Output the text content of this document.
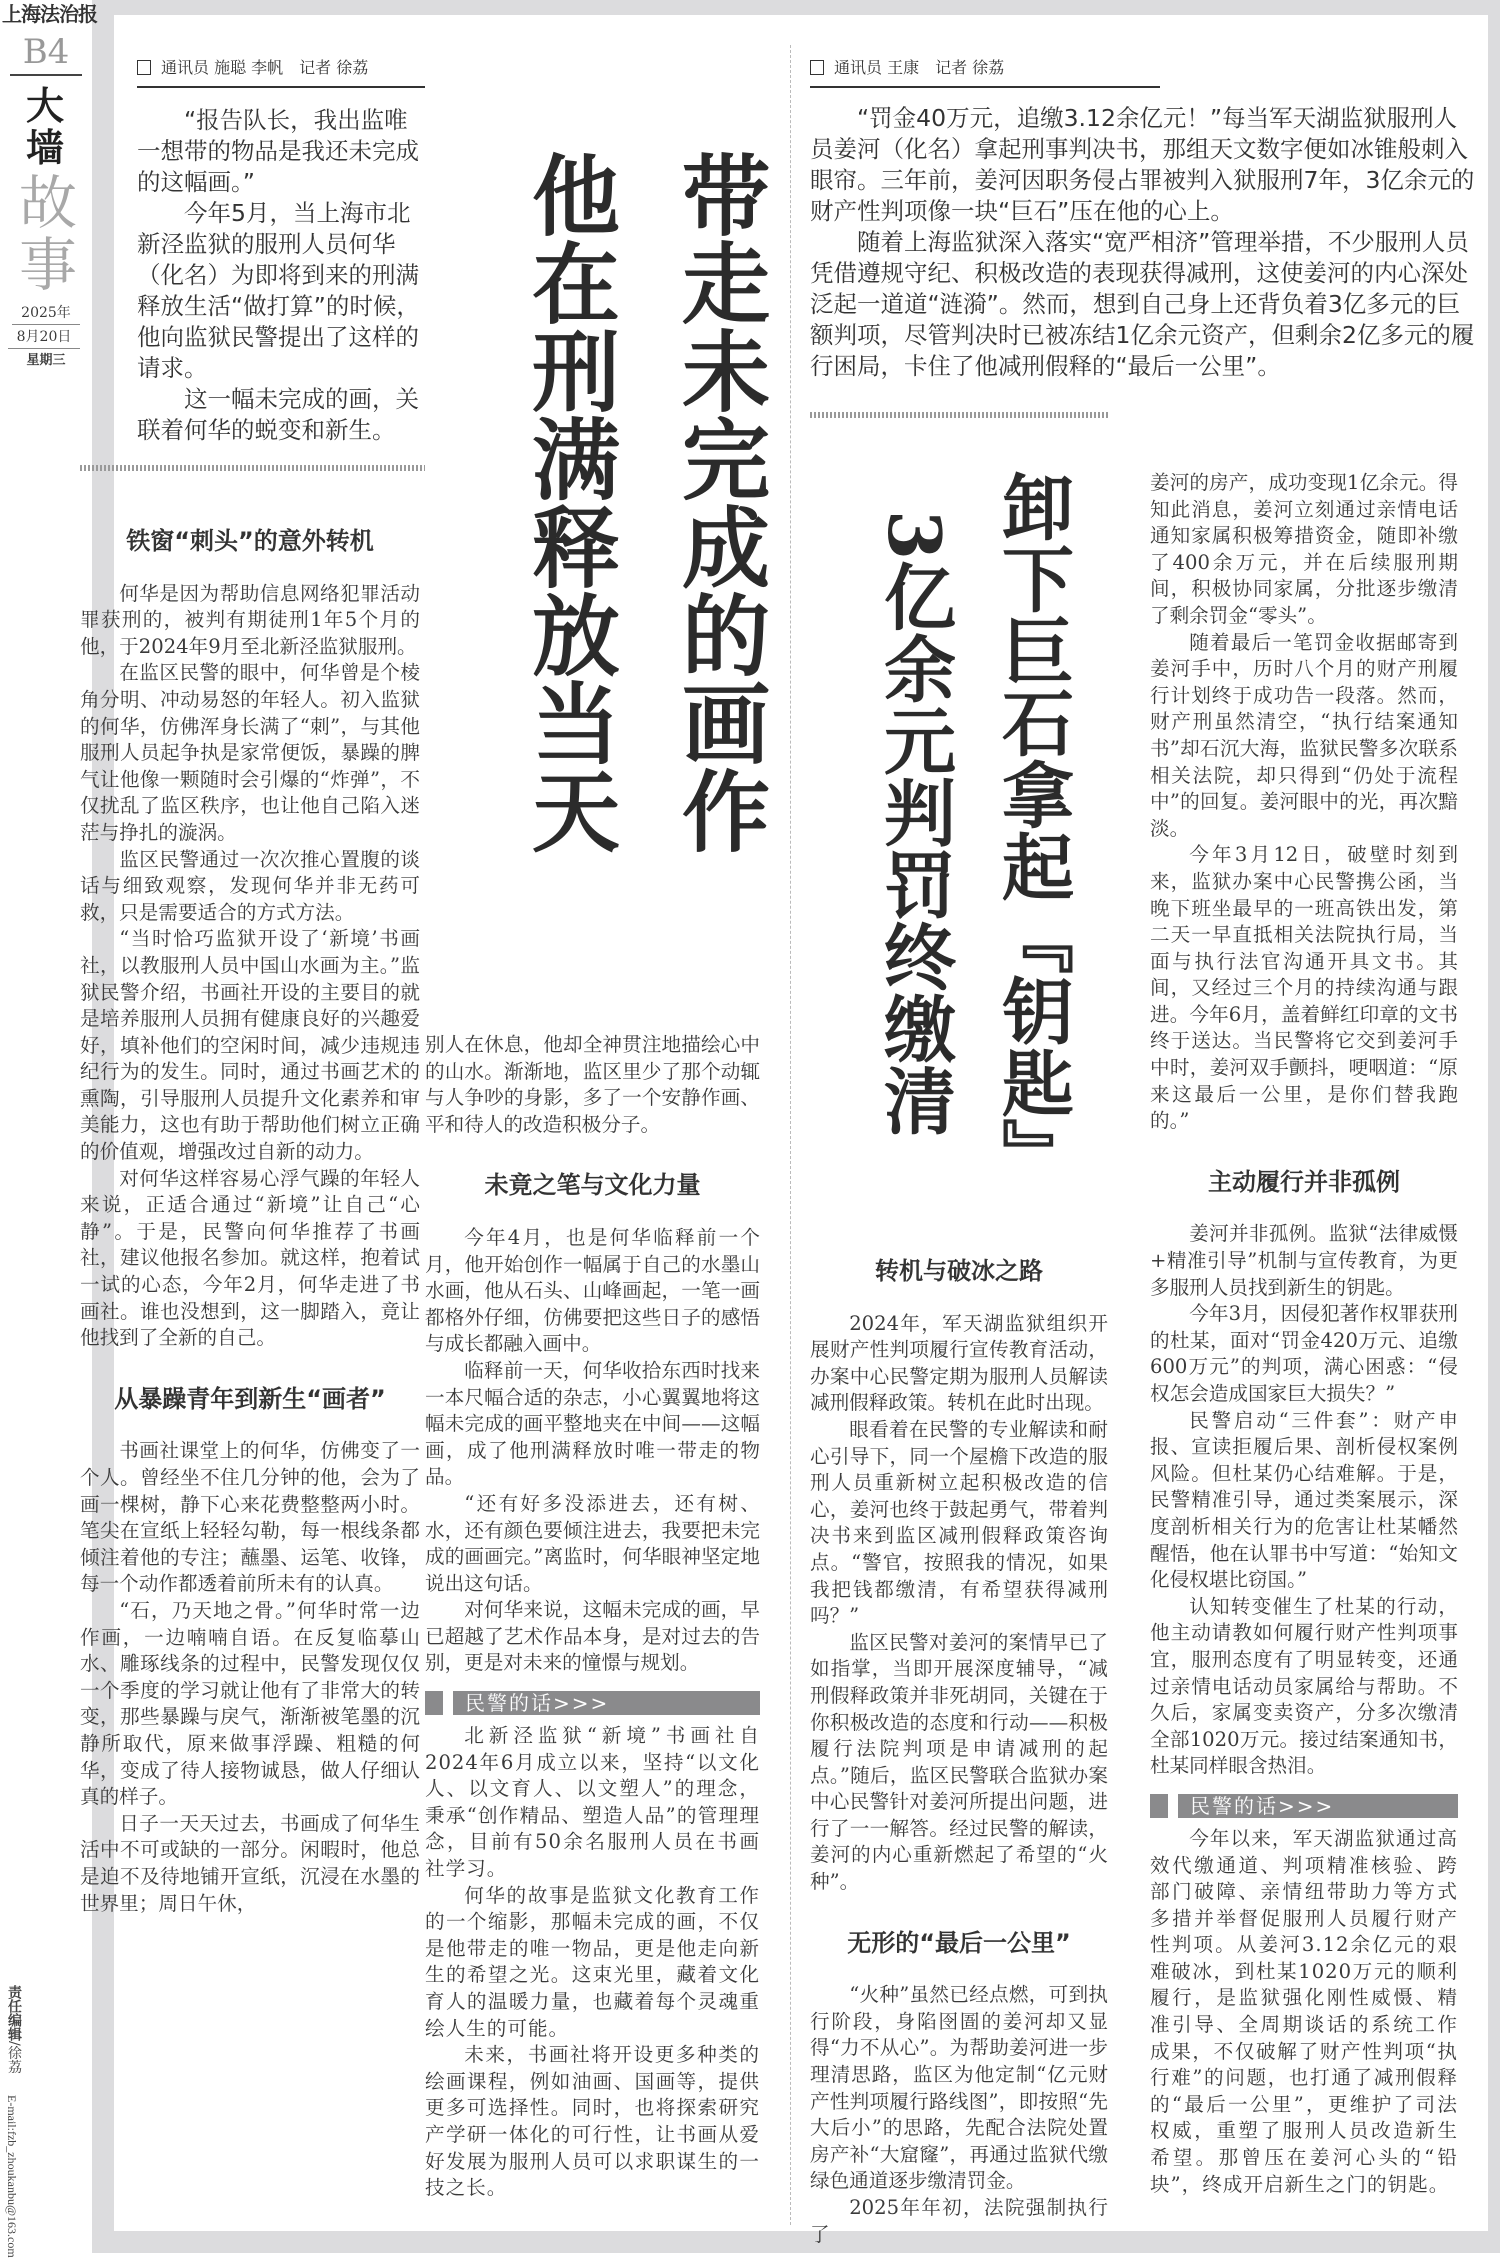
上海法治报
B4
大墙
故事
2025年
8月20日
星期三
责任编辑/徐荔
E-mail:fzb_zhoukanbu@163.com
通讯员 施聪 李帆　记者 徐荔

“报告队长，我出监唯一想带的物品是我还未完成的这幅画。”

今年5月，当上海市北新泾监狱的服刑人员何华（化名）为即将到来的刑满释放生活“做打算”的时候，他向监狱民警提出了这样的请求。

这一幅未完成的画，关联着何华的蜕变和新生。	带走未完成的画作
他在刑满释放当天
铁窗“刺头”的意外转机

何华是因为帮助信息网络犯罪活动罪获刑的，被判有期徒刑1年5个月的他，于2024年9月至北新泾监狱服刑。

在监区民警的眼中，何华曾是个棱角分明、冲动易怒的年轻人。初入监狱的何华，仿佛浑身长满了“刺”，与其他服刑人员起争执是家常便饭，暴躁的脾气让他像一颗随时会引爆的“炸弹”，不仅扰乱了监区秩序，也让他自己陷入迷茫与挣扎的漩涡。

监区民警通过一次次推心置腹的谈话与细致观察，发现何华并非无药可救，只是需要适合的方式方法。

“当时恰巧监狱开设了‘新境’书画社，以教服刑人员中国山水画为主。”监狱民警介绍，书画社开设的主要目的就是培养服刑人员拥有健康良好的兴趣爱好，填补他们的空闲时间，减少违规违纪行为的发生。同时，通过书画艺术的熏陶，引导服刑人员提升文化素养和审美能力，这也有助于帮助他们树立正确的价值观，增强改过自新的动力。

对何华这样容易心浮气躁的年轻人来说，正适合通过“新境”让自己“心静”。于是，民警向何华推荐了书画社，建议他报名参加。就这样，抱着试一试的心态，今年2月，何华走进了书画社。谁也没想到，这一脚踏入，竟让他找到了全新的自己。

从暴躁青年到新生“画者”

书画社课堂上的何华，仿佛变了一个人。曾经坐不住几分钟的他，会为了画一棵树，静下心来花费整整两小时。笔尖在宣纸上轻轻勾勒，每一根线条都倾注着他的专注；蘸墨、运笔、收锋，每一个动作都透着前所未有的认真。

“石，乃天地之骨。”何华时常一边作画，一边喃喃自语。在反复临摹山水、雕琢线条的过程中，民警发现仅仅一个季度的学习就让他有了非常大的转变，那些暴躁与戾气，渐渐被笔墨的沉静所取代，原来做事浮躁、粗糙的何华，变成了待人接物诚恳，做人仔细认真的样子。

日子一天天过去，书画成了何华生活中不可或缺的一部分。闲暇时，他总是迫不及待地铺开宣纸，沉浸在水墨的世界里；周日午休，

别人在休息，他却全神贯注地描绘心中的山水。渐渐地，监区里少了那个动辄与人争吵的身影，多了一个安静作画、平和待人的改造积极分子。

未竟之笔与文化力量

今年4月，也是何华临释前一个月，他开始创作一幅属于自己的水墨山水画，他从石头、山峰画起，一笔一画都格外仔细，仿佛要把这些日子的感悟与成长都融入画中。

临释前一天，何华收拾东西时找来一本尺幅合适的杂志，小心翼翼地将这幅未完成的画平整地夹在中间——这幅画，成了他刑满释放时唯一带走的物品。

“还有好多没添进去，还有树、水，还有颜色要倾注进去，我要把未完成的画画完。”离监时，何华眼神坚定地说出这句话。

对何华来说，这幅未完成的画，早已超越了艺术作品本身，是对过去的告别，更是对未来的憧憬与规划。

民警的话>>>

北新泾监狱“新境”书画社自2024年6月成立以来，坚持“以文化人、以文育人、以文塑人”的理念，秉承“创作精品、塑造人品”的管理理念，目前有50余名服刑人员在书画社学习。

何华的故事是监狱文化教育工作的一个缩影，那幅未完成的画，不仅是他带走的唯一物品，更是他走向新生的希望之光。这束光里，藏着文化育人的温暖力量，也藏着每个灵魂重绘人生的可能。

未来，书画社将开设更多种类的绘画课程，例如油画、国画等，提供更多可选择性。同时，也将探索研究产学研一体化的可行性，让书画从爱好发展为服刑人员可以求职谋生的一技之长。

通讯员 王康　记者 徐荔

“罚金40万元，追缴3.12余亿元！”每当军天湖监狱服刑人员姜河（化名）拿起刑事判决书，那组天文数字便如冰锥般刺入眼帘。三年前，姜河因职务侵占罪被判入狱服刑7年，3亿余元的财产性判项像一块“巨石”压在他的心上。

随着上海监狱深入落实“宽严相济”管理举措，不少服刑人员凭借遵规守纪、积极改造的表现获得减刑，这使姜河的内心深处泛起一道道“涟漪”。然而，想到自己身上还背负着3亿多元的巨额判项，尽管判决时已被冻结1亿余元资产，但剩余2亿多元的履行困局，卡住了他减刑假释的“最后一公里”。

卸下巨石拿起『钥匙』
3亿余元判罚终缴清
转机与破冰之路

2024年，军天湖监狱组织开展财产性判项履行宣传教育活动，办案中心民警定期为服刑人员解读减刑假释政策。转机在此时出现。

眼看着在民警的专业解读和耐心引导下，同一个屋檐下改造的服刑人员重新树立起积极改造的信心，姜河也终于鼓起勇气，带着判决书来到监区减刑假释政策咨询点。“警官，按照我的情况，如果我把钱都缴清，有希望获得减刑吗？”

监区民警对姜河的案情早已了如指掌，当即开展深度辅导，“减刑假释政策并非死胡同，关键在于你积极改造的态度和行动——积极履行法院判项是申请减刑的起点。”随后，监区民警联合监狱办案中心民警针对姜河所提出问题，进行了一一解答。经过民警的解读，姜河的内心重新燃起了希望的“火种”。

无形的“最后一公里”

“火种”虽然已经点燃，可到执行阶段，身陷囹圄的姜河却又显得“力不从心”。为帮助姜河进一步理清思路，监区为他定制“亿元财产性判项履行路线图”，即按照“先大后小”的思路，先配合法院处置房产补“大窟窿”，再通过监狱代缴绿色通道逐步缴清罚金。

2025年年初，法院强制执行了

姜河的房产，成功变现1亿余元。得知此消息，姜河立刻通过亲情电话通知家属积极筹措资金，随即补缴了400余万元，并在后续服刑期间，积极协同家属，分批逐步缴清了剩余罚金“零头”。

随着最后一笔罚金收据邮寄到姜河手中，历时八个月的财产刑履行计划终于成功告一段落。然而，财产刑虽然清空，“执行结案通知书”却石沉大海，监狱民警多次联系相关法院，却只得到“仍处于流程中”的回复。姜河眼中的光，再次黯淡。

今年3月12日，破壁时刻到来，监狱办案中心民警携公函，当晚下班坐最早的一班高铁出发，第二天一早直抵相关法院执行局，当面与执行法官沟通开具文书。其间，又经过三个月的持续沟通与跟进。今年6月，盖着鲜红印章的文书终于送达。当民警将它交到姜河手中时，姜河双手颤抖，哽咽道：“原来这最后一公里，是你们替我跑的。”

主动履行并非孤例

姜河并非孤例。监狱“法律威慑+精准引导”机制与宣传教育，为更多服刑人员找到新生的钥匙。

今年3月，因侵犯著作权罪获刑的杜某，面对“罚金420万元、追缴600万元”的判项，满心困惑：“侵权怎会造成国家巨大损失？”

民警启动“三件套”：财产申报、宣读拒履后果、剖析侵权案例风险。但杜某仍心结难解。于是，民警精准引导，通过类案展示，深度剖析相关行为的危害让杜某幡然醒悟，他在认罪书中写道：“始知文化侵权堪比窃国。”

认知转变催生了杜某的行动，他主动请教如何履行财产性判项事宜，服刑态度有了明显转变，还通过亲情电话动员家属给与帮助。不久后，家属变卖资产，分多次缴清全部1020万元。接过结案通知书，杜某同样眼含热泪。

民警的话>>>

今年以来，军天湖监狱通过高效代缴通道、判项精准核验、跨部门破障、亲情纽带助力等方式多措并举督促服刑人员履行财产性判项。从姜河3.12余亿元的艰难破冰，到杜某1020万元的顺利履行，是监狱强化刚性威慑、精准引导、全周期谈话的系统工作成果，不仅破解了财产性判项“执行难”的问题，也打通了减刑假释的“最后一公里”，更维护了司法权威，重塑了服刑人员改造新生希望。那曾压在姜河心头的“铅块”，终成开启新生之门的钥匙。
